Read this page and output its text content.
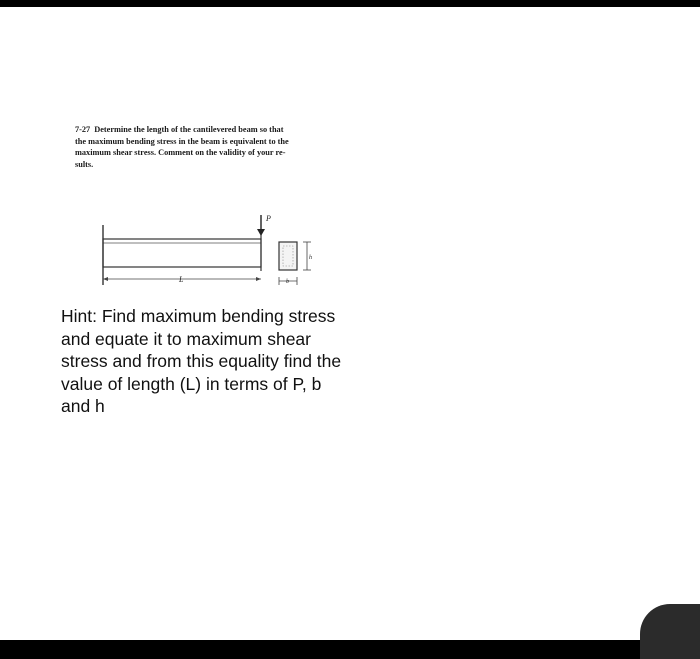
7-27 Determine the length of the cantilevered beam so that
the maximum bending stress in the beam is equivalent to the
maximum shear stress. Comment on the validity of your re-
sults.
P
L
h
b
Hint: Find maximum bending stress
and equate it to maximum shear
stress and from this equality find the
value of length (L) in terms of P, b
and h
